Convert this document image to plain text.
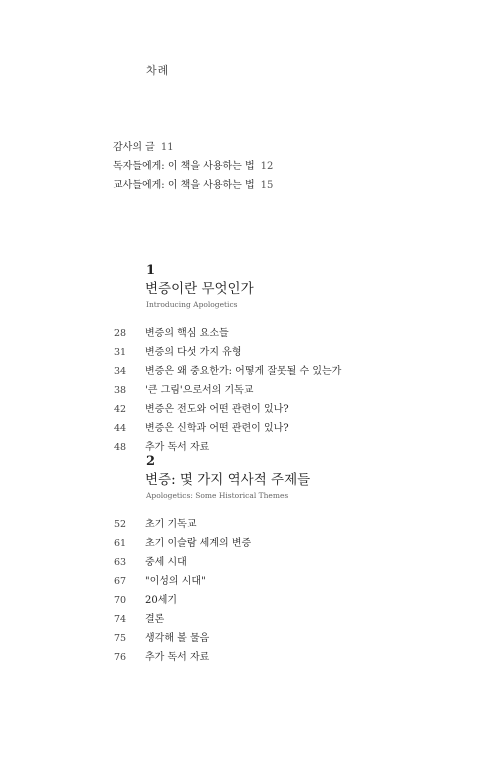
차례
감사의 글 11
독자들에게: 이 책을 사용하는 법 12
교사들에게: 이 책을 사용하는 법 15
1
변증이란 무엇인가
Introducing Apologetics
28	변증의 핵심 요소들
31	변증의 다섯 가지 유형
34	변증은 왜 중요한가: 어떻게 잘못될 수 있는가
38	'큰 그림'으로서의 기독교
42	변증은 전도와 어떤 관련이 있나?
44	변증은 신학과 어떤 관련이 있나?
48	추가 독서 자료
2
변증: 몇 가지 역사적 주제들
Apologetics: Some Historical Themes
52	초기 기독교
61	초기 이슬람 세계의 변증
63	중세 시대
67	"이성의 시대"
70	20세기
74	결론
75	생각해 볼 물음
76	추가 독서 자료
